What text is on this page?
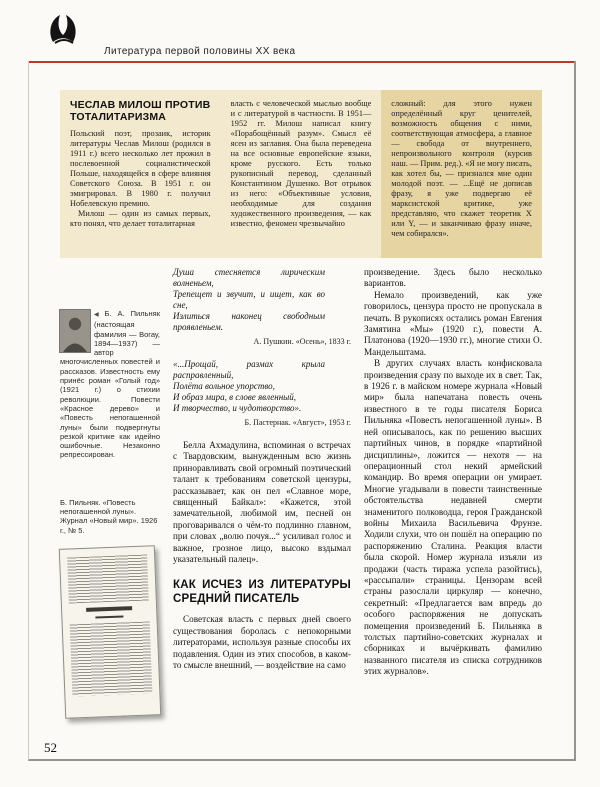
Литература первой половины XX века
ЧЕСЛАВ МИЛОШ ПРОТИВ ТОТАЛИТАРИЗМА

Польский поэт, прозаик, историк литературы Чеслав Милош (родился в 1911 г.) всего несколько лет прожил в послевоенной социалистической Польше, находящейся в сфере влияния Советского Союза. В 1951 г. он эмигрировал. В 1980 г. получил Нобелевскую премию.

Милош — один из самых первых, кто понял, что делает тоталитарная

власть с человеческой мыслью вообще и с литературой в частности. В 1951—1952 гг. Милош написал книгу «Порабощённый разум». Смысл её ясен из заглавия. Она была переведена на все основные европейские языки, кроме русского. Есть только рукописный перевод, сделанный Константином Душенко. Вот отрывок из него: «Объективные условия, необходимые для создания художественного произведения, — как известно, феномен чрезвычайно

сложный: для этого нужен определённый круг ценителей, возможность общения с ними, соответствующая атмосфера, а главное — свобода от внутреннего, непроизвольного контроля (курсив наш. — Прим. ред.). «Я не могу писать, как хотел бы, — признался мне один молодой поэт. — ...Ещё не дописав фразу, я уже подвергаю её марксистской критике, уже представляю, что скажет теоретик X или Y, — и заканчиваю фразу иначе, чем собирался».

◀ Б. А. Пильняк (настоящая фамилия — Вогау, 1894—1937) — автор многочисленных повестей и рассказов. Известность ему принёс роман «Голый год» (1921 г.) о стихии революции. Повести «Красное дерево» и «Повесть непогашенной луны» были подвергнуты резкой критике как идейно ошибочные. Незаконно репрессирован.
Б. Пильняк. «Повесть непогашенной луны». Журнал «Новый мир». 1926 г., № 5.
Душа стесняется лирическим волненьем,
Трепещет и звучит, и ищет, как во сне,
Излиться наконец свободным проявленьем.
А. Пушкин. «Осень», 1833 г.
«...Прощай, размах крыла расправленный,
Полёта вольное упорство,
И образ мира, в слове явленный,
И творчество, и чудотворство».
Б. Пастернак. «Август», 1953 г.

Белла Ахмадулина, вспоминая о встречах с Твардовским, вынужденным всю жизнь приноравливать свой огромный поэтический талант к требованиям советской цензуры, рассказывает, как он пел «Славное море, священный Байкал»: «Кажется, этой замечательной, любимой им, песней он проговаривался о чём-то подлинно главном, при словах „волю почуя...“ усиливал голос и важное, грозное лицо, высоко вздымал указательный палец».

КАК ИСЧЕЗ ИЗ ЛИТЕРАТУРЫ СРЕДНИЙ ПИСАТЕЛЬ

Советская власть с первых дней своего существования боролась с непокорными литераторами, используя разные способы их подавления. Один из этих способов, в каком-то смысле внешний, — воздействие на само

произведение. Здесь было несколько вариантов.

Немало произведений, как уже говорилось, цензура просто не пропускала в печать. В рукописях остались роман Евгения Замятина «Мы» (1920 г.), повести А. Платонова (1920—1930 гг.), многие стихи О. Мандельштама.

В других случаях власть конфисковала произведения сразу по выходе их в свет. Так, в 1926 г. в майском номере журнала «Новый мир» была напечатана повесть очень известного в те годы писателя Бориса Пильняка «Повесть непогашенной луны». В ней описывалось, как по решению высших партийных чинов, в порядке «партийной дисциплины», ложится — нехотя — на операционный стол некий армейский командир. Во время операции он умирает. Многие угадывали в повести таинственные обстоятельства недавней смерти знаменитого полководца, героя Гражданской войны Михаила Васильевича Фрунзе. Ходили слухи, что он пошёл на операцию по распоряжению Сталина. Реакция власти была скорой. Номер журнала изъяли из продажи (часть тиража успела разойтись), «рассыпали» страницы. Цензорам всей страны разослали циркуляр — конечно, секретный: «Предлагается вам впредь до особого распоряжения не допускать помещения произведений Б. Пильняка в толстых партийно-советских журналах и сборниках и вычёркивать фамилию названного писателя из списка сотрудников этих журналов».

52
